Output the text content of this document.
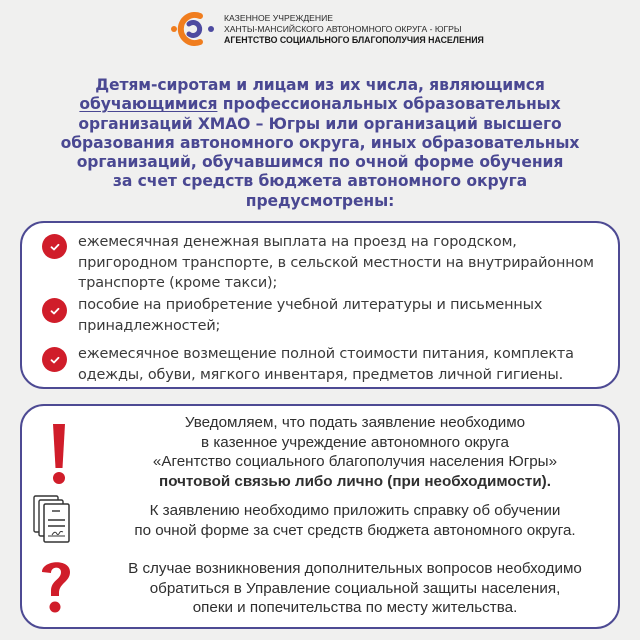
КАЗЕННОЕ УЧРЕЖДЕНИЕ
ХАНТЫ-МАНСИЙСКОГО АВТОНОМНОГО ОКРУГА - ЮГРЫ
АГЕНТСТВО СОЦИАЛЬНОГО БЛАГОПОЛУЧИЯ НАСЕЛЕНИЯ
Детям-сиротам и лицам из их числа, являющимся
обучающимися профессиональных образовательных
организаций ХМАО – Югры или организаций высшего
образования автономного округа, иных образовательных
организаций, обучавшимся по очной форме обучения
за счет средств бюджета автономного округа
предусмотрены:
ежемесячная денежная выплата на проезд на городском, пригородном транспорте, в сельской местности на внутрирайонном транспорте (кроме такси);
пособие на приобретение учебной литературы и письменных принадлежностей;
ежемесячное возмещение полной стоимости питания, комплекта одежды, обуви, мягкого инвентаря, предметов личной гигиены.
Уведомляем, что подать заявление необходимо
в казенное учреждение автономного округа
«Агентство социального благополучия населения Югры»
почтовой связью либо лично (при необходимости).
К заявлению необходимо приложить справку об обучении
по очной форме за счет средств бюджета автономного округа.
В случае возникновения дополнительных вопросов необходимо
обратиться в Управление социальной защиты населения,
опеки и попечительства по месту жительства.
